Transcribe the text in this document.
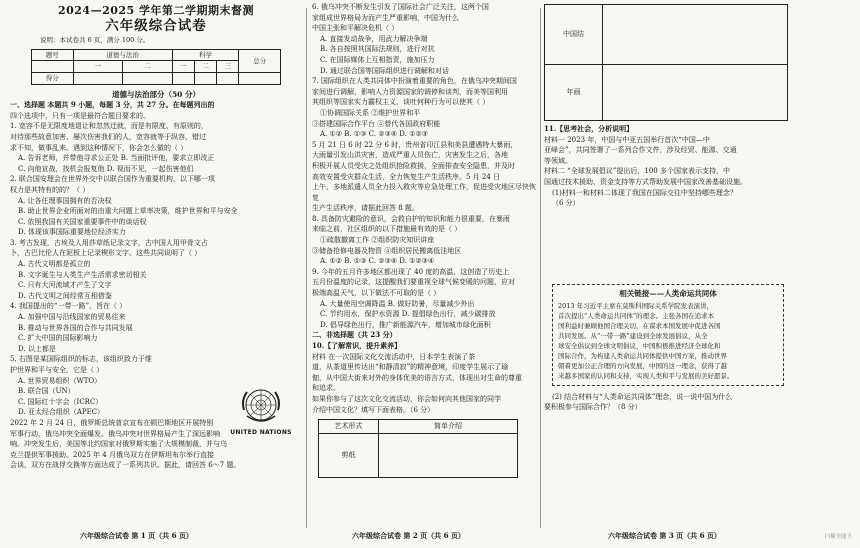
2024—2025 学年第二学期期末督测
六年级综合试卷
说明：本试卷共 6 页，满分 100 分。
题号	道德与法治		科学			总分
	一	二	一	二	三	
得分						
道德与法治部分（50 分）

一、选择题 本题共 9 小题，每题 3 分，共 27 分。在每题列出的

四个选项中，只有一项是最符合题目要求的。

1. 宽容不是无限度地退让和忽然迁就，而是有限度、有原则的，

对待那些故意加害、屡次伤害我们的人，宽容就等于纵容，错过

求不知，做事乱来。遇到这种情况下，你会怎么做的（ ）

A. 告诉老师，并带他寻求公正处 B. 当面批评他，要求立即改正

C. 向他宣战，找机会报复他 D. 视而不见，一起伤害他们

2. 联合国安理会在世界外交中以联合国作为重要机构，以下哪一项

权力是其特有的的？（ ）

A. 让各任理事国拥有的否决权

B. 助止世界企业所面对的由重大问题上草率决策，维护世界和平与安全

C. 依照我国有关国家重要事件中的谈话权

D. 体现该事国际重要地位经济实力

3. 考古发现，古埃及人用莎草纸记录文字，古中国人用甲骨文占

卜，古巴比伦人在泥板上记录楔形文字。这些共同说明了（ ）

A. 古代文明都是孤立的

B. 文字诞生与人类生产生活需求密切相关

C. 只有大河流域才产生了文字

D. 古代文明之间经常互相借鉴

4. 我国提出的“一带一路”，旨在（ ）

A. 加强中国与沿线国家的贸易往来

B. 推动与世界各国的合作与共同发展

C. 扩大中国的国际影响力

D. 以上都是

5. 右图是某国际组织的标志，该组织致力于维

护世界和平与安全，它是（ ）

A. 世界贸易组织（WTO）

B. 联合国（UN）

C. 国际红十字会（ICRC）

D. 亚太经合组织（APEC）

2022 年 2 月 24 日，俄罗斯总统普京宣布在顿巴斯地区开展特别

军事行动，俄乌冲突全面爆发。俄乌冲突对世界格局产生了深远影响

响。冲突发生后，美国等北约国家对俄罗斯实施了大规模制裁，并与乌

克兰提供军事援助。2025 年 4 月俄乌双方在伊斯坦布尔举行直接

会谈，双方在战俘交换等方面达成了一系列共识。据此，请回答 6～7 题。

UNITED NATIONS
六年级综合试卷 第 1 页（共 6 页）

6. 俄乌冲突不断发生引发了国际社会广泛关注，这两个国

家组成世界格局为而产生严重影响，中国为什么

中国主张和平解决危机（ ）

A. 直接发动战争，用武力解决争端

B. 各自按照其国际法规则，进行对抗

C. 在国际媒体上互相指责，施加压力

D. 通过联合国等国际组织进行调解和对话

7. 国际组织在人类共同体中扮演着重要的角色，在俄乌冲突期间国

家间进行调解，影响人力资源国家的调停和谈判，而美等国利用

其组织等国家实力霸权主义，谈吐何种行为可以使其（ ）

①协调国际关系 ②维护世界和平

③搭建国际合作平台 ④替代各国政府职能

A. ①② B. ①③ C. ②③④ D. ①②③

5 月 21 日 6 时 22 分 6 时，贵州省印江县和美县遭遇特大暴雨，

大雨量引发山洪灾害，造成严重人员伤亡，灾害发生之后，各地

积极开展人员受灾之处组织抢险救援，全面排查安全隐患，并及时

高效安置受灾群众生活，全力恢复生产生活秩序。5 月 24 日

上午，多地派遣人员全力投入救灾等应急处理工作，促进受灾地区尽快恢复

生产生活秩序，请据此回答 8 题。

8. 具备防灾避险的意识，会救自护的知识和能力很重要，在暴雨

来临之前，社区组织的以下措施最有效的是（ ）

①疏散撤离工作 ②组织防灾知识讲座

③储备抢修电器及物资 ④组织居民搬离低洼地区

A. ①② B. ①③ C. ②③④ D. ①②③④

9. 今年的五月许多地区都出现了 40 度的高温，这创造了历史上

五月份温度的记录，这提醒我们要重视全球气候变暖的问题，应对

极端高温天气，以下做法不可取的是（ ）

A. 大量使用空调降温 B. 做好防暑，尽量减少外出

C. 节约用水，保护水资源 D. 提倡绿色出行，减少碳排放

D. 倡导绿色出行，推广新能源汽车，增加城市绿化面积

二、非选择题（共 23 分）

10.【了解常识，提升素养】

材料 在一次国际文化交流活动中，日本学生表演了茶

道，从茶道里传达出“和静清寂”的精神意境，印度学生展示了瑜

伽，从中国大街来对外的身体优美的语言方式，体现出对生命的尊重

和追求。

如果你参与了这次文化交流活动，你会如何向其他国家的同学

介绍中国文化？填写下面表格。（6 分）

艺术形式	简单介绍
剪纸	
六年级综合试卷 第 2 页（共 6 页）
中国结	
年画	

11.【思考社会，分析说明】

材料一 2023 年，中国与中亚五国举行首次“中国—中

亚峰会”，共同签署了一系列合作文件，涉及经贸、能源、交通

等领域。

材料二 “全球发展倡议”提出后，100 多个国家表示支持，中

国通过技术援助、资金支持等方式帮助发展中国家改善基础设施。

(1)材料一和材料二体现了我国在国际交往中坚持哪些理念？

（6 分）

相关链接——人类命运共同体

2013 年习近平主席在莫斯科国际关系学院发表演讲，

首次提出“人类命运共同体”的理念。主张各国在追求本

国利益时兼顾他国合理关切，在谋求本国发展中促进各国

共同发展。从“一带一路”建设到全球发展倡议，从全

球安全倡议到全球文明倡议，中国积极推进经济全球化和

国际合作，为构建人类命运共同体提供中国方案，推动世界

朝着更加公正合理的方向发展，中国的这一理念，获得了越

来越多国家的认同和支持，实现人类和平与发展的美好愿景。

(2) 结合材料与“人类命运共同体”理念，说一说中国为什么

要积极参与国际合作？（8 分）

六年级综合试卷 第 3 页（共 6 页）	扫描全能王
